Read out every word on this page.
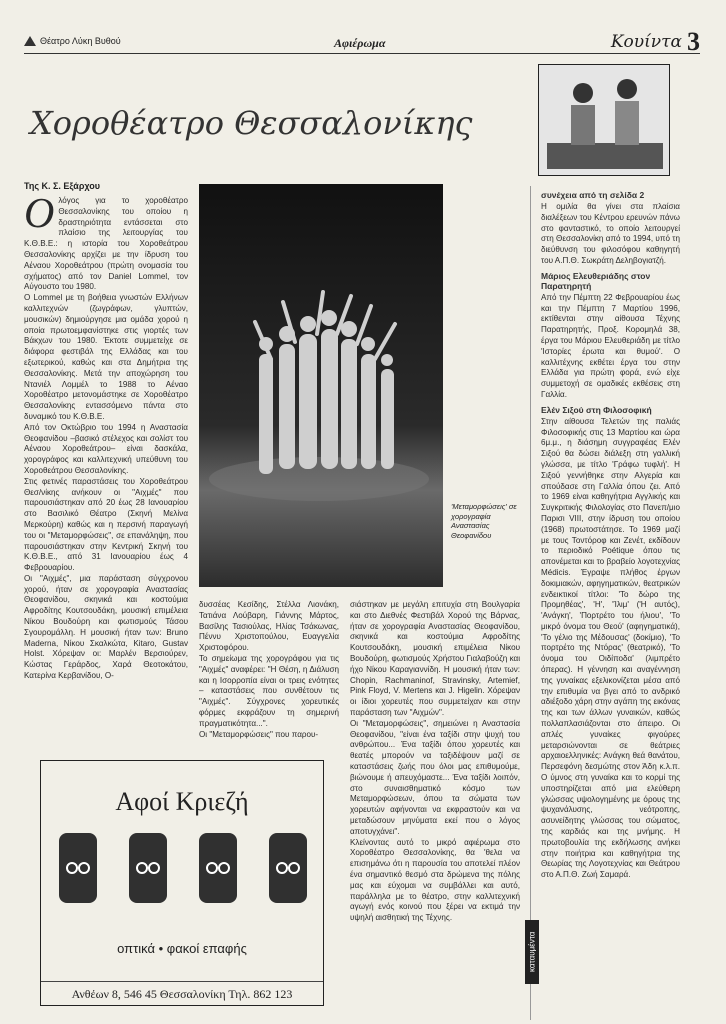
Θέατρο Λύκη Βυθού	Αφιέρωμα	Κουίντα 3
Χοροθέατρο Θεσσαλονίκης
Της Κ. Σ. Εξάρχου
Ο λόγος για το χοροθέατρο Θεσσαλονίκης του οποίου η δραστηριότητα εντάσσεται στο πλαίσιο της λειτουργίας του Κ.Θ.Β.Ε.: η ιστορία του Χοροθεάτρου Θεσσαλονίκης αρχίζει με την ίδρυση του Αέναου Χοροθεάτρου (πρώτη ονομασία του σχήματος) από τον Daniel Lommel, τον Αύγουστο του 1980.

Ο Lommel με τη βοήθεια γνωστών Ελλήνων καλλιτεχνών (ζωγράφων, γλυπτών, μουσικών) δημιούργησε μια ομάδα χορού η οποία πρωτοεμφανίστηκε στις γιορτές των Βάκχων του 1980. Έκτοτε συμμετείχε σε διάφορα φεστιβάλ της Ελλάδας και του εξωτερικού, καθώς και στα Δημήτρια της Θεσσαλονίκης. Μετά την αποχώρηση του Ντανιέλ Λομμέλ το 1988 το Αέναο Χοροθέατρο μετονομάστηκε σε Χοροθέατρο Θεσσαλονίκης εντασσόμενο πάντα στο δυναμικό του Κ.Θ.Β.Ε.

Από τον Οκτώβριο του 1994 η Αναστασία Θεοφανίδου –βασικό στέλεχος και σολίστ του Αέναου Χοροθεάτρου– είναι δασκάλα, χορογράφος και καλλιτεχνική υπεύθυνη του Χοροθεάτρου Θεσσαλονίκης.

Στις φετινές παραστάσεις του Χοροθεάτρου Θεσ/νίκης ανήκουν οι "Αιχμές" που παρουσιάστηκαν από 20 έως 28 Ιανουαρίου στο Βασιλικό Θέατρο (Σκηνή Μελίνα Μερκούρη) καθώς και η περσινή παραγωγή του οι "Μεταμορφώσεις", σε επανάληψη, που παρουσιάστηκαν στην Κεντρική Σκηνή του Κ.Θ.Β.Ε., από 31 Ιανουαρίου έως 4 Φεβρουαρίου.

Οι "Αιχμές", μια παράσταση σύγχρονου χορού, ήταν σε χορογραφία Αναστασίας Θεοφανίδου, σκηνικά και κοστούμια Αφροδίτης Κουτσουδάκη, μουσική επιμέλεια Νίκου Βουδούρη και φωτισμούς Τάσου Σγουρομάλλη. Η μουσική ήταν των: Bruno Maderna, Νίκου Σκαλκώτα, Kitaro, Gustav Holst. Χόρεψαν οι: Μαρλέν Βερσιούρεν, Κώστας Γεράρδος, Χαρά Θεοτοκάτου, Κατερίνα Κερβανίδου, Ο-

'Μεταμορφώσεις' σε χορογραφία Αναστασίας Θεοφανίδου

δυσσέας Κεσίδης, Στέλλα Λιονάκη, Τατιάνα Λούβαρη, Γιάννης Μάρτος, Βασίλης Τασιούλας, Ηλίας Τσάκωνας, Πέννυ Χριστοπούλου, Ευαγγελία Χριστοφόρου.

Το σημείωμα της χορογράφου για τις "Αιχμές" αναφέρει: "Η Θέση, η Διάλυση και η Ισορροπία είναι οι τρεις ενότητες – καταστάσεις που συνθέτουν τις "Αιχμές". Σύγχρονες χορευτικές φόρμες εκφράζουν τη σημερινή πραγματικότητα...".

Οι "Μεταμορφώσεις" που παρου-

σιάστηκαν με μεγάλη επιτυχία στη Βουλγαρία και στο Διεθνές Φεστιβάλ Χορού της Βάρνας, ήταν σε χορογραφία Αναστασίας Θεοφανίδου, σκηνικά και κοστούμια Αφροδίτης Κουτσουδάκη, μουσική επιμέλεια Νίκου Βουδούρη, φωτισμούς Χρήστου Γιαλαβούζη και ήχο Νίκου Καραγιαννίδη. Η μουσική ήταν των: Chopin, Rachmaninof, Stravinsky, Artemief, Pink Floyd, V. Mertens και J. Higelin. Χόρεψαν οι ίδιοι χορευτές που συμμετείχαν και στην παράσταση των "Αιχμών".

Οι "Μεταμορφώσεις", σημειώνει η Αναστασία Θεοφανίδου, "είναι ένα ταξίδι στην ψυχή του ανθρώπου... Ένα ταξίδι όπου χορευτές και θεατές μπορούν να ταξιδέψουν μαζί σε καταστάσεις ζωής που όλοι μας επιθυμούμε, βιώνουμε ή απευχόμαστε... Ένα ταξίδι λοιπόν, στο συναισθηματικό κόσμο των Μεταμορφώσεων, όπου τα σώματα των χορευτών αφήνονται να εκφραστούν και να μεταδώσουν μηνύματα εκεί που ο λόγος αποτυγχάνει".

Κλείνοντας αυτό το μικρό αφιέρωμα στο Χοροθέατρο Θεσσαλονίκης, θα 'θελα να επισημάνω ότι η παρουσία του αποτελεί πλέον ένα σημαντικό θεσμό στα δρώμενα της πόλης μας και εύχομαι να συμβάλλει και αυτό, παράλληλα με το θέατρο, στην καλλιτεχνική αγωγή ενός κοινού που ξέρει να εκτιμά την υψηλή αισθητική της Τέχνης.

συνέχεια από τη σελίδα 2

Η ομιλία θα γίνει στα πλαίσια διαλέξεων του Κέντρου ερευνών πάνω στο φανταστικό, το οποίο λειτουργεί στη Θεσσαλονίκη από το 1994, υπό τη διεύθυνση του φιλοσόφου καθηγητή του Α.Π.Θ. Σωκράτη Δεληβογιατζή.

Μάριος Ελευθεριάδης στον Παρατηρητή

Από την Πέμπτη 22 Φεβρουαρίου έως και την Πέμπτη 7 Μαρτίου 1996, εκτίθενται στην αίθουσα Τέχνης Παρατηρητής, Προξ. Κορομηλά 38, έργα του Μάριου Ελευθεριάδη με τίτλο 'Ιστορίες έρωτα και θυμού'. Ο καλλιτέχνης εκθέτει έργα του στην Ελλάδα για πρώτη φορά, ενώ είχε συμμετοχή σε ομαδικές εκθέσεις στη Γαλλία.

Ελέν Σιξού στη Φιλοσοφική

Στην αίθουσα Τελετών της παλιάς Φιλοσοφικής στις 13 Μαρτίου και ώρα 6μ.μ., η διάσημη συγγραφέας Ελέν Σιξού θα δώσει διάλεξη στη γαλλική γλώσσα, με τίτλο 'Γράφω τυφλή'. Η Σιξού γεννήθηκε στην Αλγερία και σπούδασε στη Γαλλία όπου ζει. Από το 1969 είναι καθηγήτρια Αγγλικής και Συγκριτικής Φιλολογίας στο Πανεπ/μιο Παρισι VIII, στην ίδρυση του οποίου (1968) πρωτοστάτησε. Το 1969 μαζί με τους Τοντόροφ και Ζενέτ, εκδίδουν το περιοδικό Poétique όπου τις απονέμεται και το βραβείο λογοτεχνίας Médicis. Έγραψε πλήθος έργων δοκιμιακών, αφηγηματικών, θεατρικών ενδεικτικοί τίτλοι: 'Το δώρο της Προμηθέας', 'Η', 'Ίλιμ' ('Η αυτός), 'Ανάγκη', 'Πορτρέτο του ήλιου', 'Το μικρό όνομα του Θεού' (αφηγηματικά), 'Το γέλιο της Μέδουσας' (δοκίμιο), 'Το πορτρέτο της Ντόρας' (θεατρικό), 'Το όνομα του Οιδίποδα' (λιμπρέτο όπερας). Η γέννηση και αναγέννηση της γυναίκας εξελικονίζεται μέσα από την επιθυμία να βγει από το ανδρικό αδιέξοδο χάρη στην αγάπη της εικόνας της και των άλλων γυναικών, καθώς πολλαπλασιάζονται στο άπειρο. Οι απλές γυναίκες φιγούρες μεταρσιώνονται σε θεάτριες αρχαιοελληνικές: Ανάγκη θεά θανάτου, Περσεφόνη δεσμώτης στον Άδη κ.λ.π. Ο ύμνος στη γυναίκα και το κορμί της υποστηρίζεται από μια ελεύθερη γλώσσας υψολογημένης με όρους της ψυχανάλυσης, νεότροπης, ασυνείδητης γλώσσας του σώματος, της καρδιάς και της μνήμης. Η πρωτοβουλία της εκδήλωσης ανήκει στην ποιήτρια και καθηγήτρια της Θεωρίας της Λογοτεχνίας και Θεάτρου στο Α.Π.Θ. Ζωή Σαμαρά.

καταυμέντα
Αφοί Κριεζή
οπτικά • φακοί επαφής
Ανθέων 8, 546 45 Θεσσαλονίκη Τηλ. 862 123
